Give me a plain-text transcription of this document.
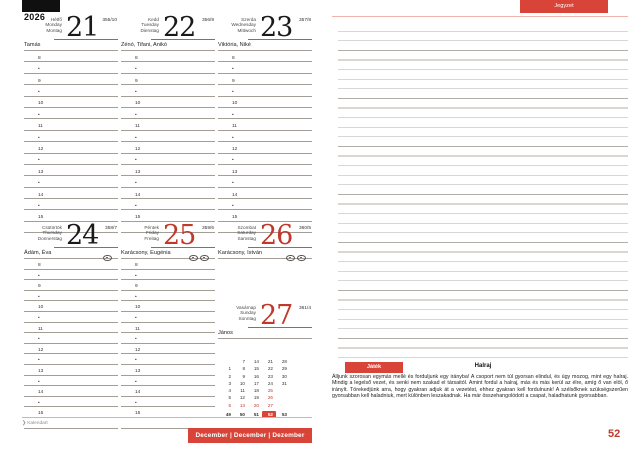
2026	Hétfő
Monday
Montag 21 355/10
Tamás
8
•
9
•
10
•
11
•
12
•
13
•
14
•
15
Kedd
Tuesday
Dienstag 22 356/9
Zénó, Tifani, Anikó
8
•
9
•
10
•
11
•
12
•
13
•
14
•
15
Szerda
Wednesday
Mittwoch 23 357/8
Viktória, Niké
8
•
9
•
10
•
11
•
12
•
13
•
14
•
15
Csütörtök
Thursday
Donnerstag 24 358/7
Ádám, Éva
8
•
9
•
10
•
11
•
12
•
13
•
14
•
15
Péntek
Friday
Freitag 25 359/6
Karácsony, Eugénia
8
•
9
•
10
•
11
•
12
•
13
•
14
•
15
Szombat
Saturday
Samstag 26 360/5
Karácsony, István
Vasárnap
Sunday
Sonntag 27 361/4
János
7	14	21	28
1	8	15	22	29
2	9	16	23	30
3	10	17	24	31
4	11	18	25
5	12	19	26
6	13	20	27
49	50	51	52	53
❯Kalendart
December | December | Dezember
Jegyzet
Játék	Halraj
Álljunk szorosan egymás mellé és forduljunk egy irányba! A csoport nem túl gyorsan elindul, és úgy mozog, mint egy halraj. Mindig a legelső vezet, és senki nem szakad el társaitól. Amint fordul a halraj, más és más kerül az élre, amíg ő van elöl, ő irányít. Törekedjünk arra, hogy gyakran adjuk át a vezetést, ehhez gyakran kell fordulnunk! A szélsőknek szükségszerűen gyorsabban kell haladniuk, mert különben leszakadnak. Ha már összehangolódott a csapat, haladhatunk gyorsabban.
52
